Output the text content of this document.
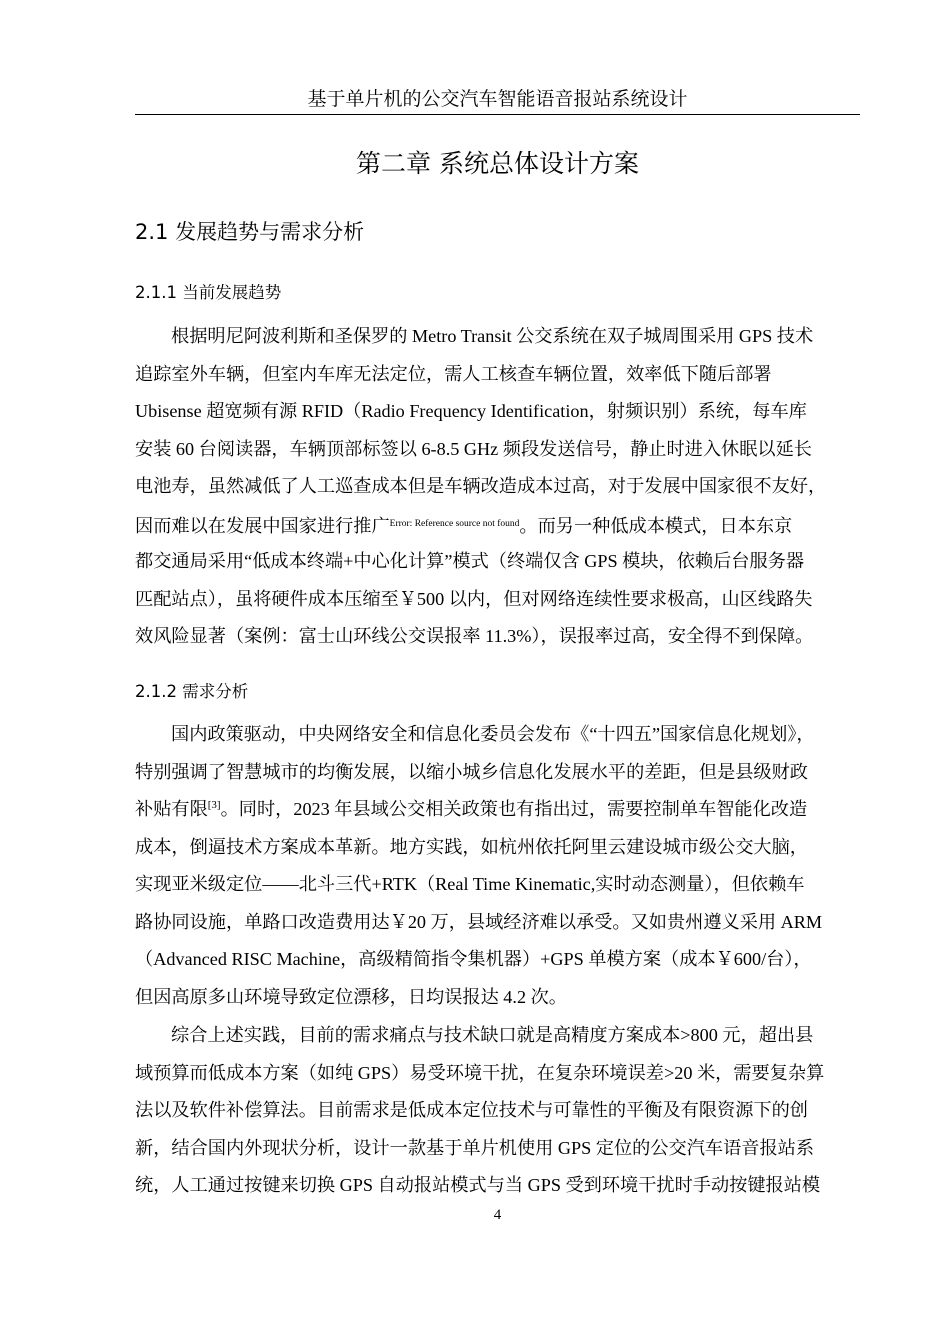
基于单片机的公交汽车智能语音报站系统设计
第二章 系统总体设计方案
2.1 发展趋势与需求分析
2.1.1 当前发展趋势
根据明尼阿波利斯和圣保罗的 Metro Transit 公交系统在双子城周围采用 GPS 技术
追踪室外车辆，但室内车库无法定位，需人工核查车辆位置，效率低下随后部署
Ubisense 超宽频有源 RFID（Radio Frequency Identification，射频识别）系统，每车库
安装 60 台阅读器，车辆顶部标签以 6-8.5 GHz 频段发送信号，静止时进入休眠以延长
电池寿，虽然减低了人工巡查成本但是车辆改造成本过高，对于发展中国家很不友好，
因而难以在发展中国家进行推广$^{Error: Reference source not found}$。而另一种低成本模式，日本东京
都交通局采用“低成本终端+中心化计算”模式（终端仅含 GPS 模块，依赖后台服务器
匹配站点），虽将硬件成本压缩至￥500 以内，但对网络连续性要求极高，山区线路失
效风险显著（案例：富士山环线公交误报率 11.3%），误报率过高，安全得不到保障。
2.1.2 需求分析
国内政策驱动，中央网络安全和信息化委员会发布《“十四五”国家信息化规划》，
特别强调了智慧城市的均衡发展，以缩小城乡信息化发展水平的差距，但是县级财政
补贴有限[3]。同时，2023 年县域公交相关政策也有指出过，需要控制单车智能化改造
成本，倒逼技术方案成本革新。地方实践，如杭州依托阿里云建设城市级公交大脑，
实现亚米级定位——北斗三代+RTK（Real Time Kinematic,实时动态测量），但依赖车
路协同设施，单路口改造费用达￥20 万，县域经济难以承受。又如贵州遵义采用 ARM
（Advanced RISC Machine，高级精简指令集机器）+GPS 单模方案（成本￥600/台），
但因高原多山环境导致定位漂移，日均误报达 4.2 次。
综合上述实践，目前的需求痛点与技术缺口就是高精度方案成本>800 元，超出县
域预算而低成本方案（如纯 GPS）易受环境干扰，在复杂环境误差>20 米，需要复杂算
法以及软件补偿算法。目前需求是低成本定位技术与可靠性的平衡及有限资源下的创
新，结合国内外现状分析，设计一款基于单片机使用 GPS 定位的公交汽车语音报站系
统，人工通过按键来切换 GPS 自动报站模式与当 GPS 受到环境干扰时手动按键报站模
4
